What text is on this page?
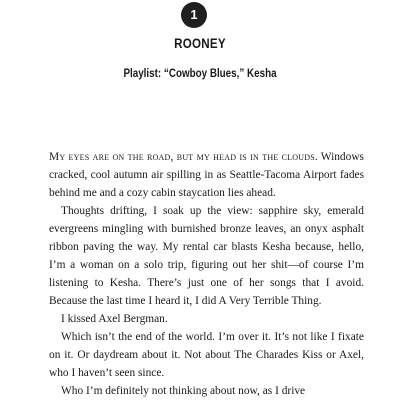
1
ROONEY
Playlist: “Cowboy Blues,” Kesha

My eyes are on the road, but my head is in the clouds. Windows cracked, cool autumn air spilling in as Seattle-Tacoma Airport fades behind me and a cozy cabin staycation lies ahead.

Thoughts drifting, I soak up the view: sapphire sky, emerald evergreens mingling with burnished bronze leaves, an onyx asphalt ribbon paving the way. My rental car blasts Kesha because, hello, I’m a woman on a solo trip, figuring out her shit—of course I’m listening to Kesha. There’s just one of her songs that I avoid. Because the last time I heard it, I did A Very Terrible Thing.

I kissed Axel Bergman.

Which isn’t the end of the world. I’m over it. It’s not like I fixate on it. Or daydream about it. Not about The Charades Kiss or Axel, who I haven’t seen since.

Who I’m definitely not thinking about now, as I drive
